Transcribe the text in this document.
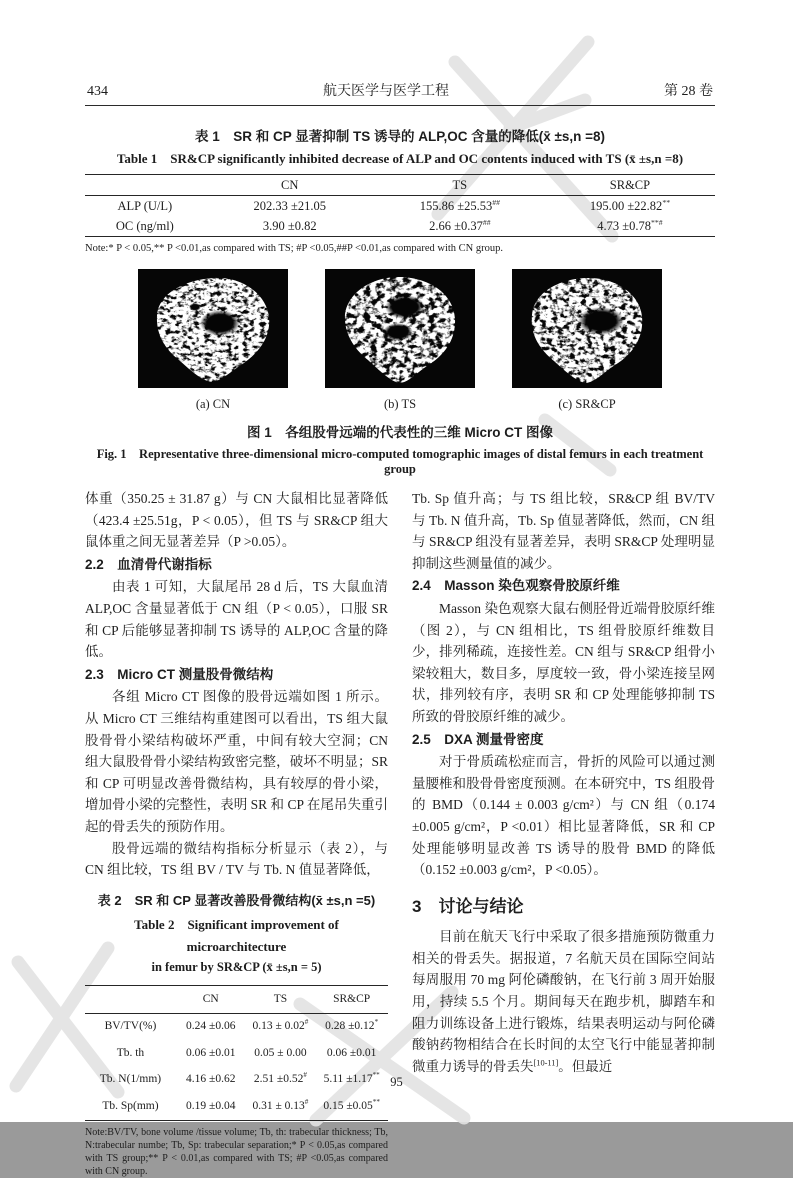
434	航天医学与医学工程	第 28 卷
表 1　SR 和 CP 显著抑制 TS 诱导的 ALP,OC 含量的降低(x̄ ±s,n =8)
Table 1　SR&CP significantly inhibited decrease of ALP and OC contents induced with TS (x̄ ±s,n =8)
	CN	TS	SR&CP
ALP (U/L)	202.33 ±21.05	155.86 ±25.53##	195.00 ±22.82**
OC (ng/ml)	3.90 ±0.82	2.66 ±0.37##	4.73 ±0.78**#
Note:* P < 0.05,** P <0.01,as compared with TS; #P <0.05,##P <0.01,as compared with CN group.
(a) CN	(b) TS	(c) SR&CP
图 1　各组股骨远端的代表性的三维 Micro CT 图像
Fig. 1　Representative three-dimensional micro-computed tomographic images of distal femurs in each treatment group

体重（350.25 ± 31.87 g）与 CN 大鼠相比显著降低（423.4 ±25.51g，P < 0.05），但 TS 与 SR&CP 组大鼠体重之间无显著差异（P >0.05）。

2.2　血清骨代谢指标

由表 1 可知，大鼠尾吊 28 d 后，TS 大鼠血清 ALP,OC 含量显著低于 CN 组（P < 0.05），口服 SR 和 CP 后能够显著抑制 TS 诱导的 ALP,OC 含量的降低。

2.3　Micro CT 测量股骨微结构

各组 Micro CT 图像的股骨远端如图 1 所示。从 Micro CT 三维结构重建图可以看出，TS 组大鼠股骨骨小梁结构破坏严重，中间有较大空洞；CN 组大鼠股骨骨小梁结构致密完整，破坏不明显；SR 和 CP 可明显改善骨微结构，具有较厚的骨小梁，增加骨小梁的完整性，表明 SR 和 CP 在尾吊失重引起的骨丢失的预防作用。

股骨远端的微结构指标分析显示（表 2），与 CN 组比较，TS 组 BV / TV 与 Tb. N 值显著降低，

表 2　SR 和 CP 显著改善股骨微结构(x̄ ±s,n =5)
Table 2　Significant improvement of microarchitecture
in femur by SR&CP (x̄ ±s,n = 5)
	CN	TS	SR&CP
BV/TV(%)	0.24 ±0.06	0.13 ± 0.02#	0.28 ±0.12*
Tb. th	0.06 ±0.01	0.05 ± 0.00	0.06 ±0.01
Tb. N(1/mm)	4.16 ±0.62	2.51 ±0.52#	5.11 ±1.17**
Tb. Sp(mm)	0.19 ±0.04	0.31 ± 0.13#	0.15 ±0.05**
Note:BV/TV, bone volume /tissue volume; Tb, th: trabecular thickness; Tb, N:trabecular numbe; Tb, Sp: trabecular separation;* P < 0.05,as compared with TS group;** P < 0.01,as compared with TS; #P <0.05,as compared with CN group.

Tb. Sp 值升高；与 TS 组比较，SR&CP 组 BV/TV 与 Tb. N 值升高，Tb. Sp 值显著降低，然而，CN 组与 SR&CP 组没有显著差异，表明 SR&CP 处理明显抑制这些测量值的减少。

2.4　Masson 染色观察骨胶原纤维

Masson 染色观察大鼠右侧胫骨近端骨胶原纤维（图 2），与 CN 组相比，TS 组骨胶原纤维数目少，排列稀疏，连接性差。CN 组与 SR&CP 组骨小梁较粗大，数目多，厚度较一致，骨小梁连接呈网状，排列较有序，表明 SR 和 CP 处理能够抑制 TS 所致的骨胶原纤维的减少。

2.5　DXA 测量骨密度

对于骨质疏松症而言，骨折的风险可以通过测量腰椎和股骨骨密度预测。在本研究中，TS 组股骨的 BMD（0.144 ± 0.003 g/cm²）与 CN 组（0.174 ±0.005 g/cm²，P <0.01）相比显著降低，SR 和 CP 处理能够明显改善 TS 诱导的股骨 BMD 的降低（0.152 ±0.003 g/cm²，P <0.05）。

3　讨论与结论

目前在航天飞行中采取了很多措施预防微重力相关的骨丢失。据报道，7 名航天员在国际空间站每周服用 70 mg 阿伦磷酸钠，在飞行前 3 周开始服用，持续 5.5 个月。期间每天在跑步机，脚踏车和阻力训练设备上进行锻炼，结果表明运动与阿伦磷酸钠药物相结合在长时间的太空飞行中能显著抑制微重力诱导的骨丢失[10-11]。但最近

95
